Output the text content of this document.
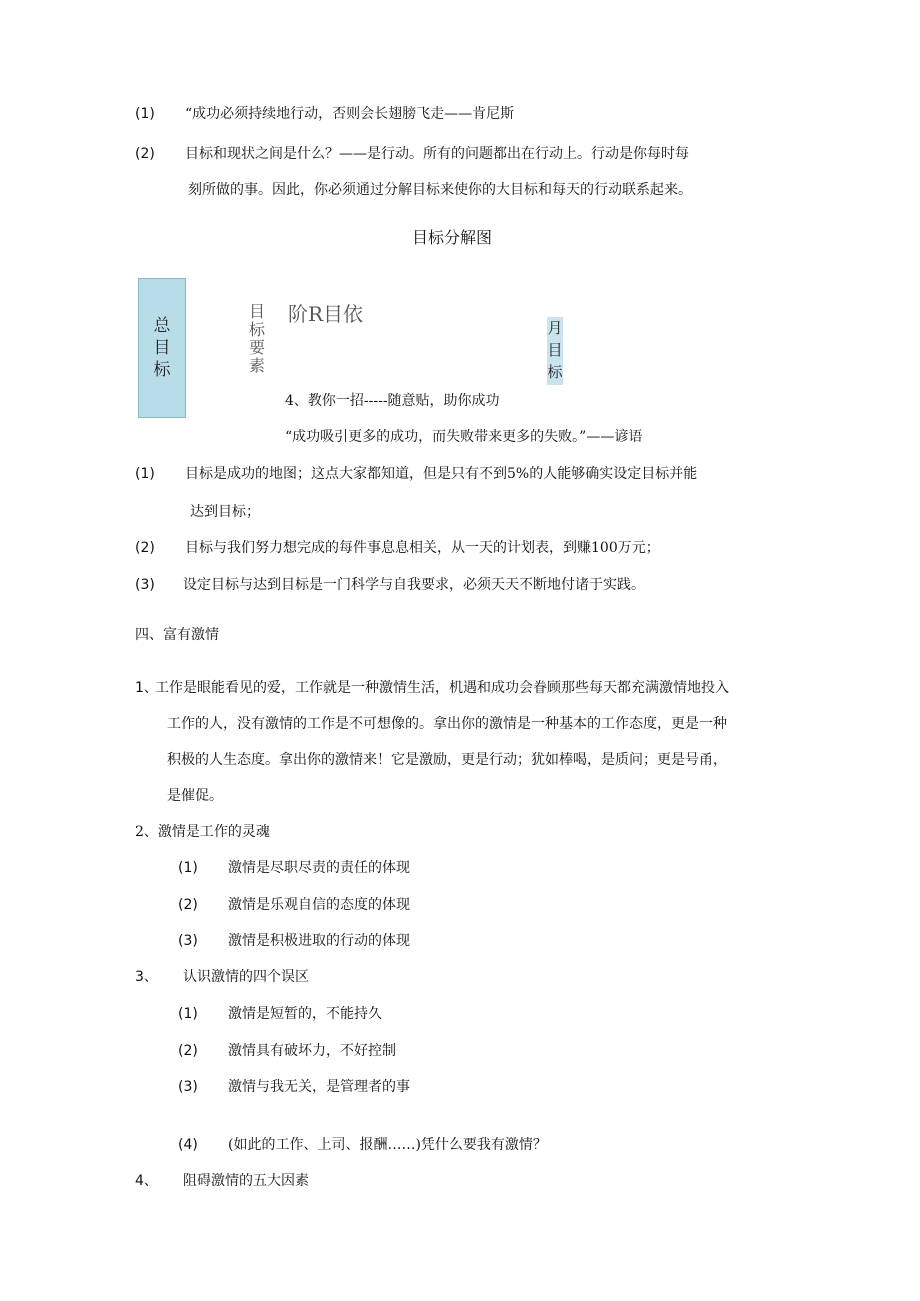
(1) “成功必须持续地行动，否则会长翅膀飞走——肯尼斯
(2) 目标和现状之间是什么？——是行动。所有的问题都出在行动上。行动是你每时每
刻所做的事。因此，你必须通过分解目标来使你的大目标和每天的行动联系起来。
目标分解图
总目标
目标要素
阶R目依
月目标
4、教你一招-----随意贴，助你成功
“成功吸引更多的成功，而失败带来更多的失败。”——谚语
(1) 目标是成功的地图；这点大家都知道，但是只有不到5%的人能够确实设定目标并能
达到目标；
(2) 目标与我们努力想完成的每件事息息相关，从一天的计划表，到赚100万元；
(3) 设定目标与达到目标是一门科学与自我要求，必须天天不断地付诸于实践。
四、富有激情
1、
工作是眼能看见的爱，工作就是一种激情生活，机遇和成功会眷顾那些每天都充满激情地投入
工作的人，没有激情的工作是不可想像的。拿出你的激情是一种基本的工作态度，更是一种
积极的人生态度。拿出你的激情来！它是激励，更是行动；犹如棒喝，是质问；更是号甬，
是催促。
2、激情是工作的灵魂
(1) 激情是尽职尽责的责任的体现
(2) 激情是乐观自信的态度的体现
(3) 激情是积极进取的行动的体现
3、 认识激情的四个误区
(1) 激情是短暂的，不能持久
(2) 激情具有破坏力，不好控制
(3) 激情与我无关，是管理者的事
(4) (如此的工作、上司、报酬……)凭什么要我有激情？
4、 阻碍激情的五大因素
